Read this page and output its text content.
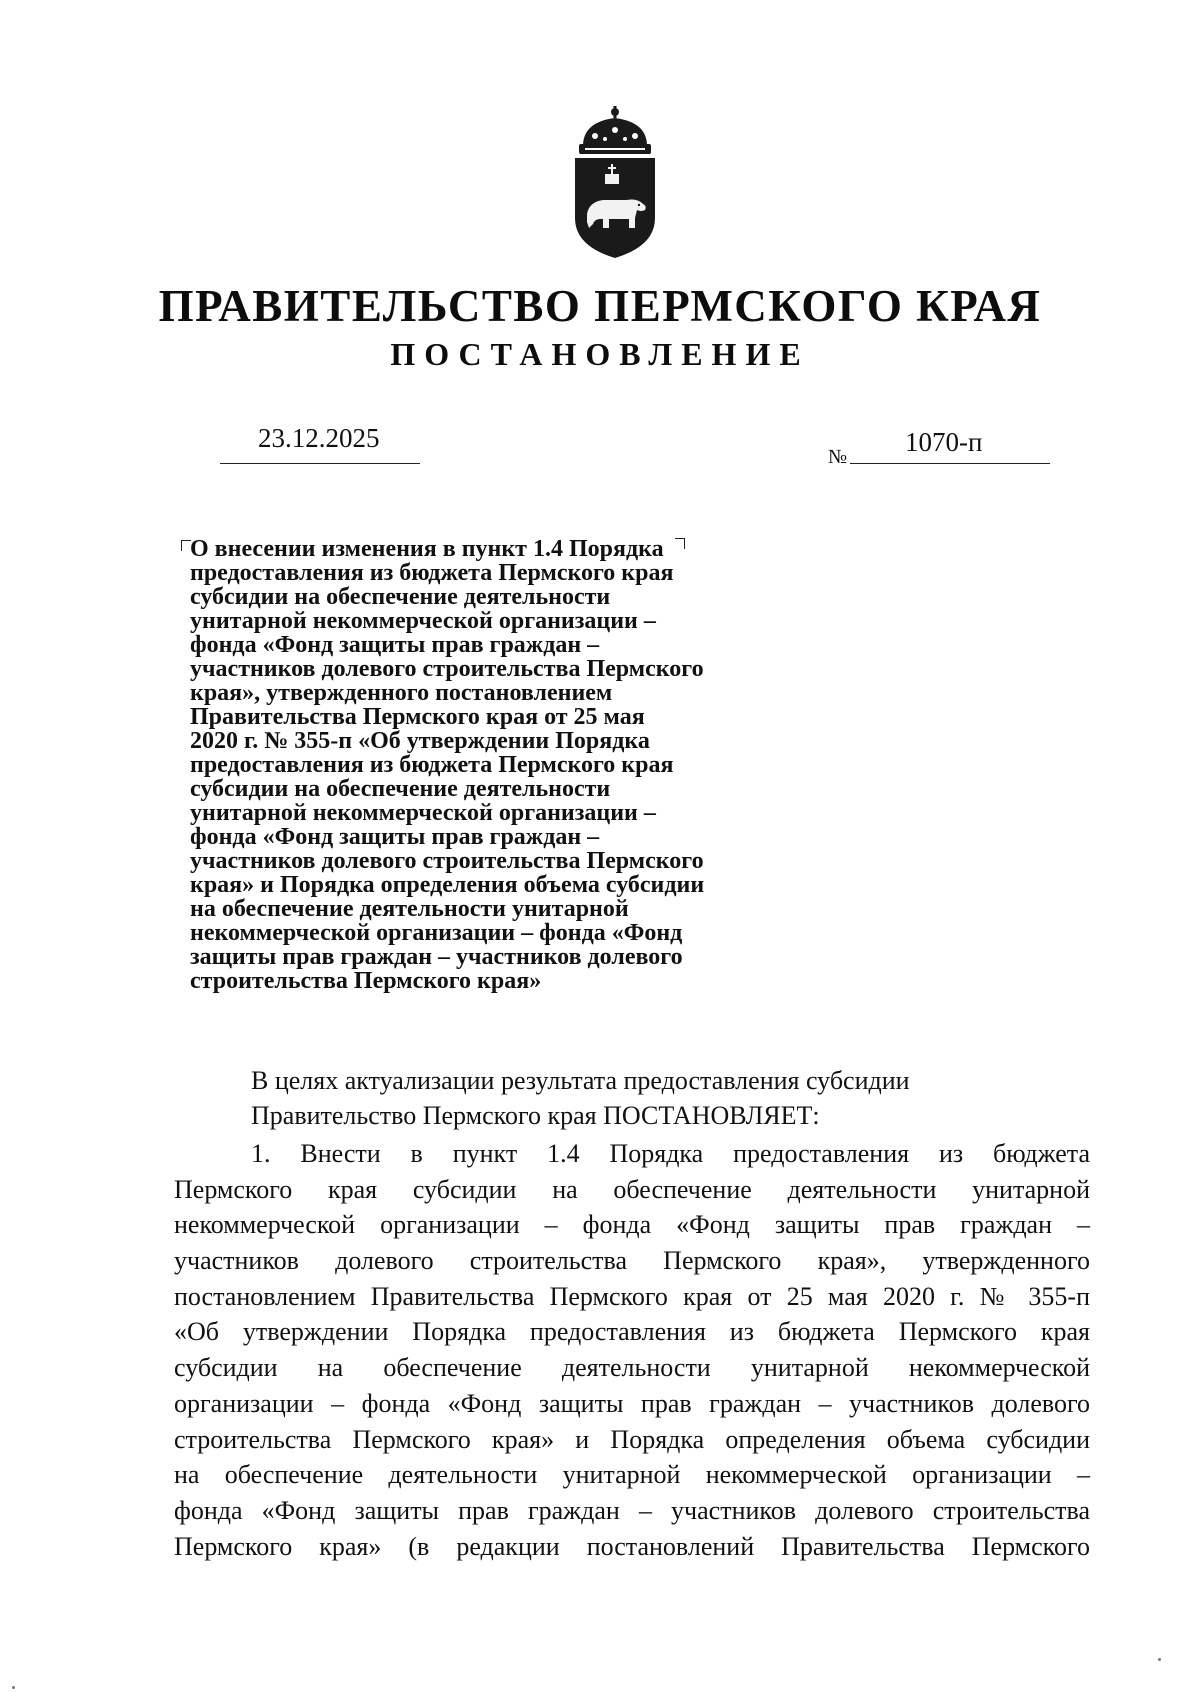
ПРАВИТЕЛЬСТВО ПЕРМСКОГО КРАЯ
ПОСТАНОВЛЕНИЕ
23.12.2025
№ 1070-п

О внесении изменения в пункт 1.4 Порядка
предоставления из бюджета Пермского края
субсидии на обеспечение деятельности
унитарной некоммерческой организации –
фонда «Фонд защиты прав граждан –
участников долевого строительства Пермского
края», утвержденного постановлением
Правительства Пермского края от 25 мая
2020 г. № 355-п «Об утверждении Порядка
предоставления из бюджета Пермского края
субсидии на обеспечение деятельности
унитарной некоммерческой организации –
фонда «Фонд защиты прав граждан –
участников долевого строительства Пермского
края» и Порядка определения объема субсидии
на обеспечение деятельности унитарной
некоммерческой организации – фонда «Фонд
защиты прав граждан – участников долевого
строительства Пермского края»

В целях актуализации результата предоставления субсидии

Правительство Пермского края ПОСТАНОВЛЯЕТ:

1. Внести в пункт 1.4 Порядка предоставления из бюджета
Пермского края субсидии на обеспечение деятельности унитарной
некоммерческой организации – фонда «Фонд защиты прав граждан –
участников долевого строительства Пермского края», утвержденного
постановлением Правительства Пермского края от 25 мая 2020 г. № 355-п
«Об утверждении Порядка предоставления из бюджета Пермского края
субсидии на обеспечение деятельности унитарной некоммерческой
организации – фонда «Фонд защиты прав граждан – участников долевого
строительства Пермского края» и Порядка определения объема субсидии
на обеспечение деятельности унитарной некоммерческой организации –
фонда «Фонд защиты прав граждан – участников долевого строительства
Пермского края» (в редакции постановлений Правительства Пермского
